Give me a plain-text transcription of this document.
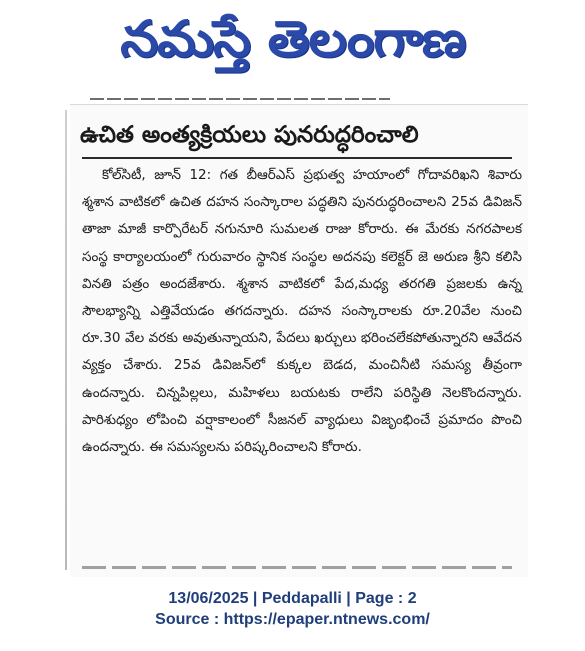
నమస్తే తెలంగాణ
ఉచిత అంత్యక్రియలు పునరుద్ధరించాలి

కోల్‌సిటీ, జూన్ 12: గత బీఆర్ఎస్ ప్రభుత్వ హయాంలో గోదావరిఖని శివారు శ్మశాన వాటికలో ఉచిత దహన సంస్కారాల పద్ధతిని పునరుద్ధరించాలని 25వ డివిజన్ తాజా మాజీ కార్పొరేటర్ నగునూరి సుమలత రాజు కోరారు. ఈ మేరకు నగరపాలక సంస్థ కార్యాలయంలో గురువారం స్థానిక సంస్థల అదనపు కలెక్టర్ జె అరుణ శ్రీని కలిసి వినతి పత్రం అందజేశారు. శ్మశాన వాటికలో పేద,మధ్య తరగతి ప్రజలకు ఉన్న సౌలభ్యాన్ని ఎత్తివేయడం తగదన్నారు. దహన సంస్కారాలకు రూ.20వేల నుంచి రూ.30 వేల వరకు అవుతున్నాయని, పేదలు ఖర్చులు భరించలేకపోతున్నారని ఆవేదన వ్యక్తం చేశారు. 25వ డివిజన్‌లో కుక్కల బెడద, మంచినీటి సమస్య తీవ్రంగా ఉందన్నారు. చిన్నపిల్లలు, మహిళలు బయటకు రాలేని పరిస్థితి నెలకొందన్నారు. పారిశుధ్యం లోపించి వర్షాకాలంలో సీజనల్ వ్యాధులు విజృంభించే ప్రమాదం పొంచి ఉందన్నారు. ఈ సమస్యలను పరిష్కరించాలని కోరారు.

13/06/2025 | Peddapalli | Page : 2
Source : https://epaper.ntnews.com/
